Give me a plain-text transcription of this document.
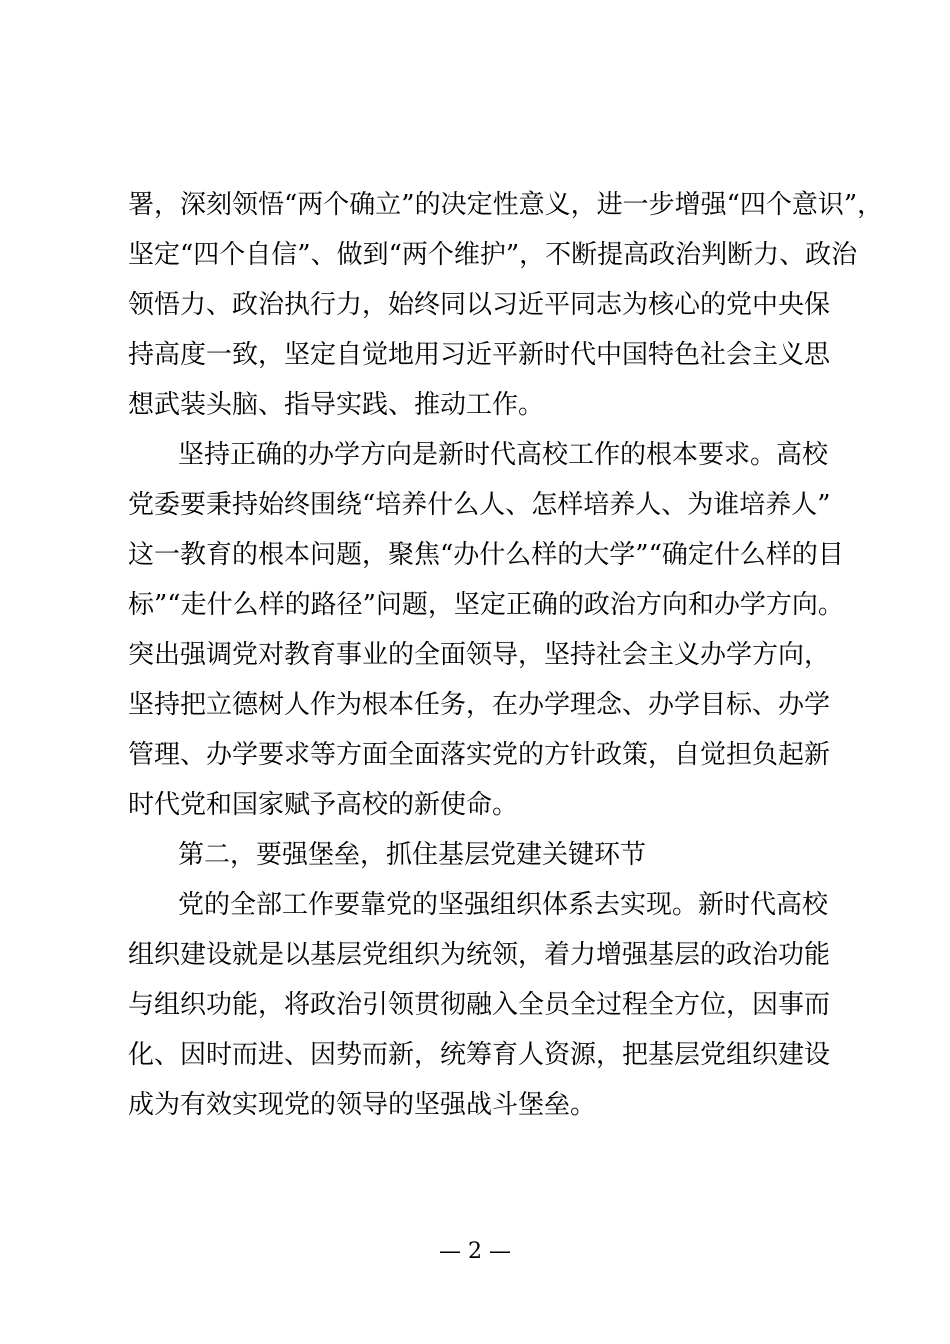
署，深刻领悟“两个确立”的决定性意义，进一步增强“四个意识”，
坚定“四个自信”、做到“两个维护”，不断提高政治判断力、政治
领悟力、政治执行力，始终同以习近平同志为核心的党中央保
持高度一致，坚定自觉地用习近平新时代中国特色社会主义思
想武装头脑、指导实践、推动工作。
坚持正确的办学方向是新时代高校工作的根本要求。高校
党委要秉持始终围绕“培养什么人、怎样培养人、为谁培养人”
这一教育的根本问题，聚焦“办什么样的大学”“确定什么样的目
标”“走什么样的路径”问题，坚定正确的政治方向和办学方向。
突出强调党对教育事业的全面领导，坚持社会主义办学方向，
坚持把立德树人作为根本任务，在办学理念、办学目标、办学
管理、办学要求等方面全面落实党的方针政策，自觉担负起新
时代党和国家赋予高校的新使命。
第二，要强堡垒，抓住基层党建关键环节
党的全部工作要靠党的坚强组织体系去实现。新时代高校
组织建设就是以基层党组织为统领，着力增强基层的政治功能
与组织功能，将政治引领贯彻融入全员全过程全方位，因事而
化、因时而进、因势而新，统筹育人资源，把基层党组织建设
成为有效实现党的领导的坚强战斗堡垒。
— 2 —
